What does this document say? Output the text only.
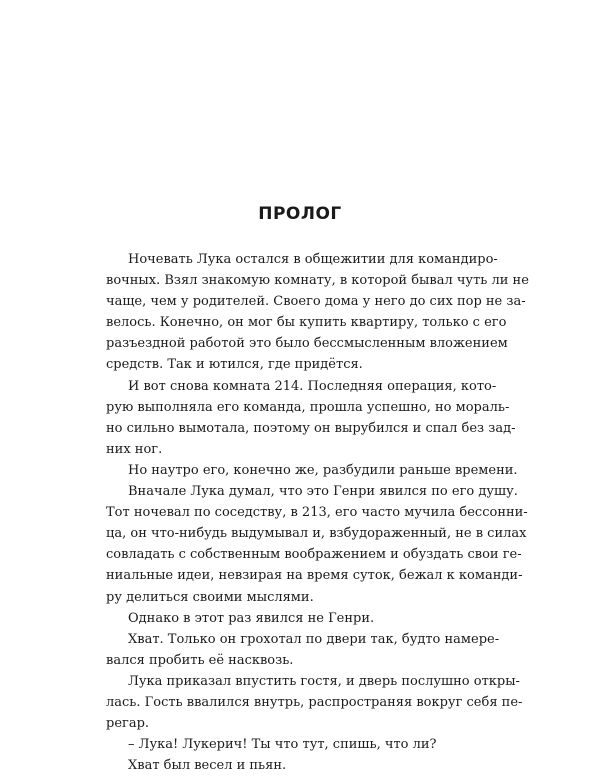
ПРОЛОГ
Ночевать Лука остался в общежитии для командиро-
вочных. Взял знакомую комнату, в которой бывал чуть ли не
чаще, чем у родителей. Своего дома у него до сих пор не за-
велось. Конечно, он мог бы купить квартиру, только с его
разъездной работой это было бессмысленным вложением
средств. Так и ютился, где придётся.
И вот снова комната 214. Последняя операция, кото-
рую выполняла его команда, прошла успешно, но мораль-
но сильно вымотала, поэтому он вырубился и спал без зад-
них ног.
Но наутро его, конечно же, разбудили раньше времени.
Вначале Лука думал, что это Генри явился по его душу.
Тот ночевал по соседству, в 213, его часто мучила бессонни-
ца, он что-нибудь выдумывал и, взбудораженный, не в силах
совладать с собственным воображением и обуздать свои ге-
ниальные идеи, невзирая на время суток, бежал к команди-
ру делиться своими мыслями.
Однако в этот раз явился не Генри.
Хват. Только он грохотал по двери так, будто намере-
вался пробить её насквозь.
Лука приказал впустить гостя, и дверь послушно откры-
лась. Гость ввалился внутрь, распространяя вокруг себя пе-
регар.
– Лука! Лукерич! Ты что тут, спишь, что ли?
Хват был весел и пьян.
